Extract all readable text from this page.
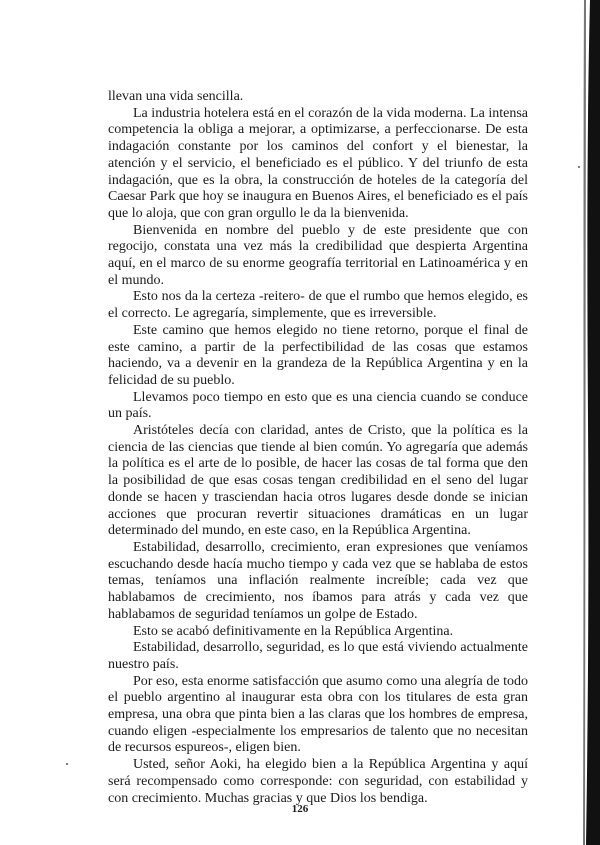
llevan una vida sencilla.

La industria hotelera está en el corazón de la vida moderna. La intensa competencia la obliga a mejorar, a optimizarse, a perfeccionarse. De esta indagación constante por los caminos del confort y el bienestar, la atención y el servicio, el beneficiado es el público. Y del triunfo de esta indagación, que es la obra, la construcción de hoteles de la categoría del Caesar Park que hoy se inaugura en Buenos Aires, el beneficiado es el país que lo aloja, que con gran orgullo le da la bienvenida.

Bienvenida en nombre del pueblo y de este presidente que con regocijo, constata una vez más la credibilidad que despierta Argentina aquí, en el marco de su enorme geografía territorial en Latinoamérica y en el mundo.

Esto nos da la certeza -reitero- de que el rumbo que hemos elegido, es el correcto. Le agregaría, simplemente, que es irreversible.

Este camino que hemos elegido no tiene retorno, porque el final de este camino, a partir de la perfectibilidad de las cosas que estamos haciendo, va a devenir en la grandeza de la República Argentina y en la felicidad de su pueblo.

Llevamos poco tiempo en esto que es una ciencia cuando se conduce un país.

Aristóteles decía con claridad, antes de Cristo, que la política es la ciencia de las ciencias que tiende al bien común. Yo agregaría que además la política es el arte de lo posible, de hacer las cosas de tal forma que den la posibilidad de que esas cosas tengan credibilidad en el seno del lugar donde se hacen y trasciendan hacia otros lugares desde donde se inician acciones que procuran revertir situaciones dramáticas en un lugar determinado del mundo, en este caso, en la República Argentina.

Estabilidad, desarrollo, crecimiento, eran expresiones que veníamos escuchando desde hacía mucho tiempo y cada vez que se hablaba de estos temas, teníamos una inflación realmente increíble; cada vez que hablabamos de crecimiento, nos íbamos para atrás y cada vez que hablabamos de seguridad teníamos un golpe de Estado.

Esto se acabó definitivamente en la República Argentina.

Estabilidad, desarrollo, seguridad, es lo que está viviendo actualmente nuestro país.

Por eso, esta enorme satisfacción que asumo como una alegría de todo el pueblo argentino al inaugurar esta obra con los titulares de esta gran empresa, una obra que pinta bien a las claras que los hombres de empresa, cuando eligen -especialmente los empresarios de talento que no necesitan de recursos espureos-, eligen bien.

Usted, señor Aoki, ha elegido bien a la República Argentina y aquí será recompensado como corresponde: con seguridad, con estabilidad y con crecimiento. Muchas gracias y que Dios los bendiga.

126
